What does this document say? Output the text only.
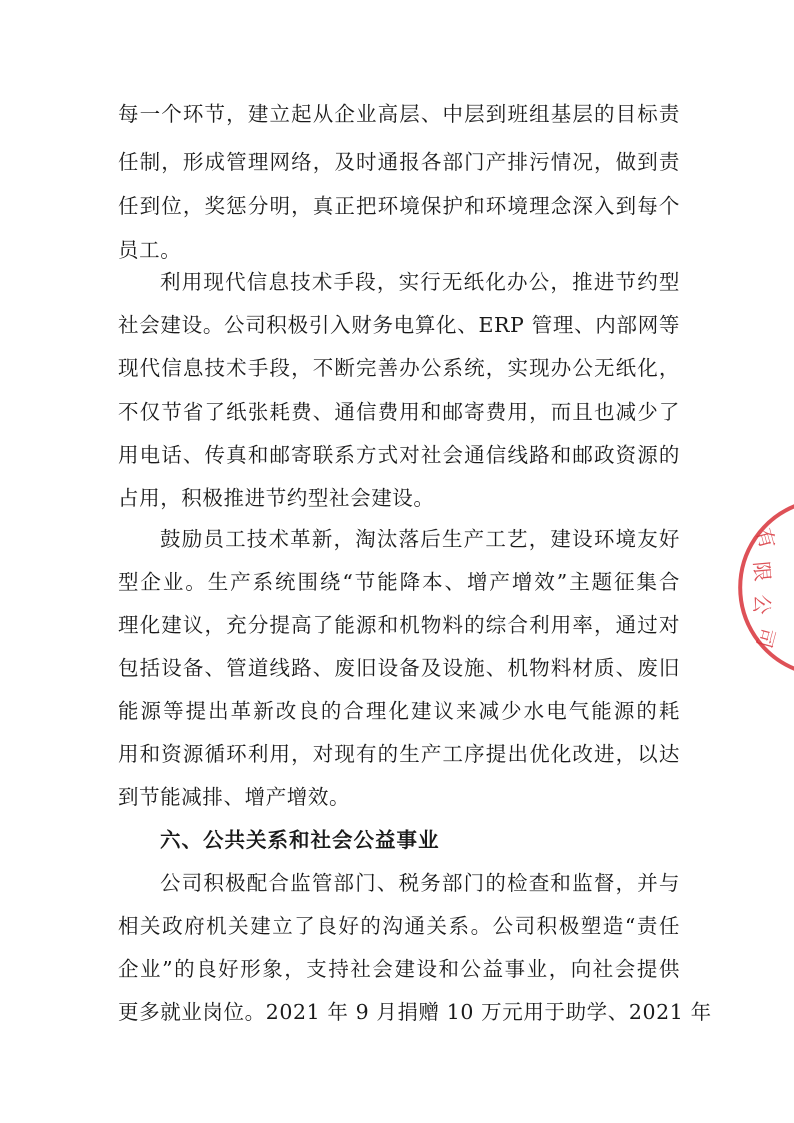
每一个环节，建立起从企业高层、中层到班组基层的目标责
任制，形成管理网络，及时通报各部门产排污情况，做到责
任到位，奖惩分明，真正把环境保护和环境理念深入到每个
员工。
利用现代信息技术手段，实行无纸化办公，推进节约型
社会建设。公司积极引入财务电算化、ERP 管理、内部网等
现代信息技术手段，不断完善办公系统，实现办公无纸化，
不仅节省了纸张耗费、通信费用和邮寄费用，而且也减少了
用电话、传真和邮寄联系方式对社会通信线路和邮政资源的
占用，积极推进节约型社会建设。
鼓励员工技术革新，淘汰落后生产工艺，建设环境友好
型企业。生产系统围绕“节能降本、增产增效”主题征集合
理化建议，充分提高了能源和机物料的综合利用率，通过对
包括设备、管道线路、废旧设备及设施、机物料材质、废旧
能源等提出革新改良的合理化建议来减少水电气能源的耗
用和资源循环利用，对现有的生产工序提出优化改进，以达
到节能减排、增产增效。
六、公共关系和社会公益事业
公司积极配合监管部门、税务部门的检查和监督，并与
相关政府机关建立了良好的沟通关系。公司积极塑造“责任
企业”的良好形象，支持社会建设和公益事业，向社会提供
更多就业岗位。2021 年 9 月捐赠 10 万元用于助学、2021 年
有
限
公
司
